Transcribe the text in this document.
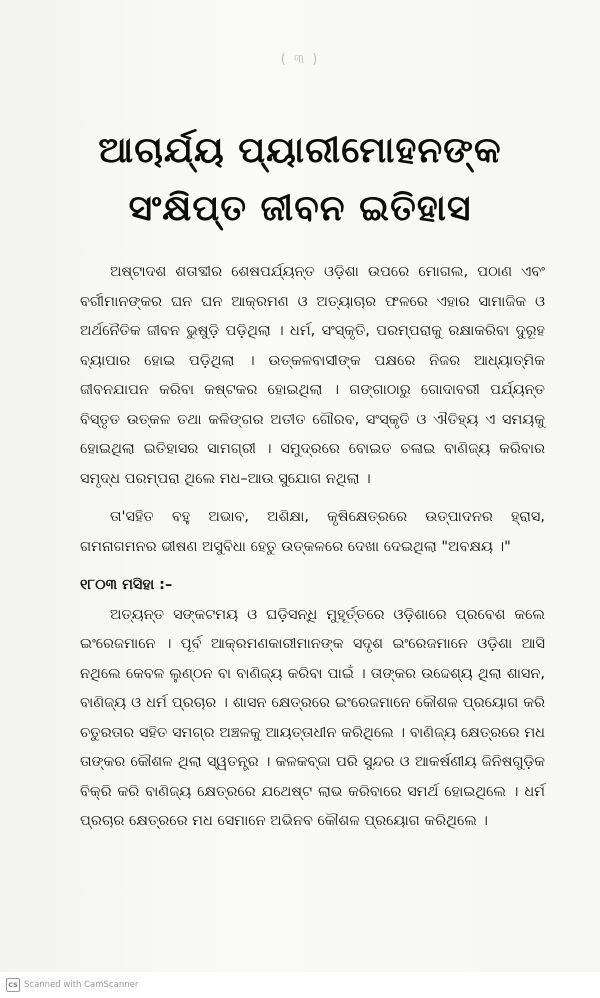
( ୩ )
ଆଚାର୍ଯ୍ୟ ପ୍ୟାରୀମୋହନଙ୍କ
ସଂକ୍ଷିପ୍ତ ଜୀବନ ଇତିହାସ

ଅଷ୍ଟାଦଶ ଶତାବ୍ଦୀର ଶେଷପର୍ଯ୍ୟନ୍ତ ଓଡ଼ିଶା ଉପରେ ମୋଗଲ, ପଠାଣ ଏବଂ ବର୍ଗୀମାନଙ୍କର ଘନ ଘନ ଆକ୍ରମଣ ଓ ଅତ୍ୟାଚାର ଫଳରେ ଏହାର ସାମାଜିକ ଓ ଅର୍ଥନୈତିକ ଜୀବନ ଭୁଷୁଡ଼ି ପଡ଼ିଥିଲା । ଧର୍ମ, ସଂସ୍କୃତି, ପରମ୍ପରାକୁ ରକ୍ଷାକରିବା ଦୁରୂହ ବ୍ୟାପାର ହୋଇ ପଡ଼ିଥିଲା । ଉତ୍କଳବାସୀଙ୍କ ପକ୍ଷରେ ନିଜର ଆଧ୍ୟାତ୍ମିକ ଜୀବନଯାପନ କରିବା କଷ୍ଟକର ହୋଇଥିଲା । ଗଙ୍ଗାଠାରୁ ଗୋଦାବରୀ ପର୍ଯ୍ୟନ୍ତ ବିସ୍ତୃତ ଉତ୍କଳ ତଥା କଳିଙ୍ଗର ଅତୀତ ଗୌରବ, ସଂସ୍କୃତି ଓ ଐତିହ୍ୟ ଏ ସମୟକୁ ହୋଇଥିଲା ଇତିହାସର ସାମଗ୍ରୀ । ସମୁଦ୍ରରେ ବୋଇତ ଚଳାଇ ବାଣିଜ୍ୟ କରିବାର ସମୃଦ୍ଧ ପରମ୍ପରା ଥିଲେ ମଧ–ଆଉ ସୁଯୋଗ ନଥିଲା ।

ତା'ସହିତ ବହୁ ଅଭାବ, ଅଶିକ୍ଷା, କୃଷିକ୍ଷେତ୍ରରେ ଉତ୍ପାଦନର ହ୍ରାସ, ଗମନାଗମନର ଭୀଷଣ ଅସୁବିଧା ହେତୁ ଉତ୍କଳରେ ଦେଖା ଦେଇଥିଲା "ଅବକ୍ଷୟ ।"

୧୮୦୩ ମସିହା :–

ଅତ୍ୟନ୍ତ ସଙ୍କଟମୟ ଓ ଘଡ଼ିସନ୍ଧି ମୁହୂର୍ତ୍ତରେ ଓଡ଼ିଶାରେ ପ୍ରବେଶ କଲେ ଇଂରେଜମାନେ । ପୂର୍ବ ଆକ୍ରମଣକାରୀମାନଙ୍କ ସଦୃଶ ଇଂରେଜମାନେ ଓଡ଼ିଶା ଆସି ନଥିଲେ କେବଳ ଲୁଣ୍ଠନ ବା ବାଣିଜ୍ୟ କରିବା ପାଇଁ । ତାଙ୍କର ଉଦ୍ଦେଶ୍ୟ ଥିଲା ଶାସନ, ବାଣିଜ୍ୟ ଓ ଧର୍ମ ପ୍ରଚାର । ଶାସନ କ୍ଷେତ୍ରରେ ଇଂରେଜମାନେ କୌଶଳ ପ୍ରୟୋଗ କରି ଚତୁରତାର ସହିତ ସମଗ୍ର ଅଞ୍ଚଳକୁ ଆୟତ୍ତାଧୀନ କରିଥିଲେ । ବାଣିଜ୍ୟ କ୍ଷେତ୍ରରେ ମଧ ତାଙ୍କର କୌଶଳ ଥିଲା ସ୍ୱତନ୍ତ୍ର । କଳକବ୍ଜା ପରି ସୁନ୍ଦର ଓ ଆକର୍ଷଣୀୟ ଜିନିଷଗୁଡ଼ିକ ବିକ୍ରି କରି ବାଣିଜ୍ୟ କ୍ଷେତ୍ରରେ ଯଥେଷ୍ଟ ଲାଭ କରିବାରେ ସମର୍ଥ ହୋଇଥିଲେ । ଧର୍ମ ପ୍ରଚାର କ୍ଷେତ୍ରରେ ମଧ ସେମାନେ ଅଭିନବ କୌଶଳ ପ୍ରୟୋଗ କରିଥିଲେ ।

CS Scanned with CamScanner
